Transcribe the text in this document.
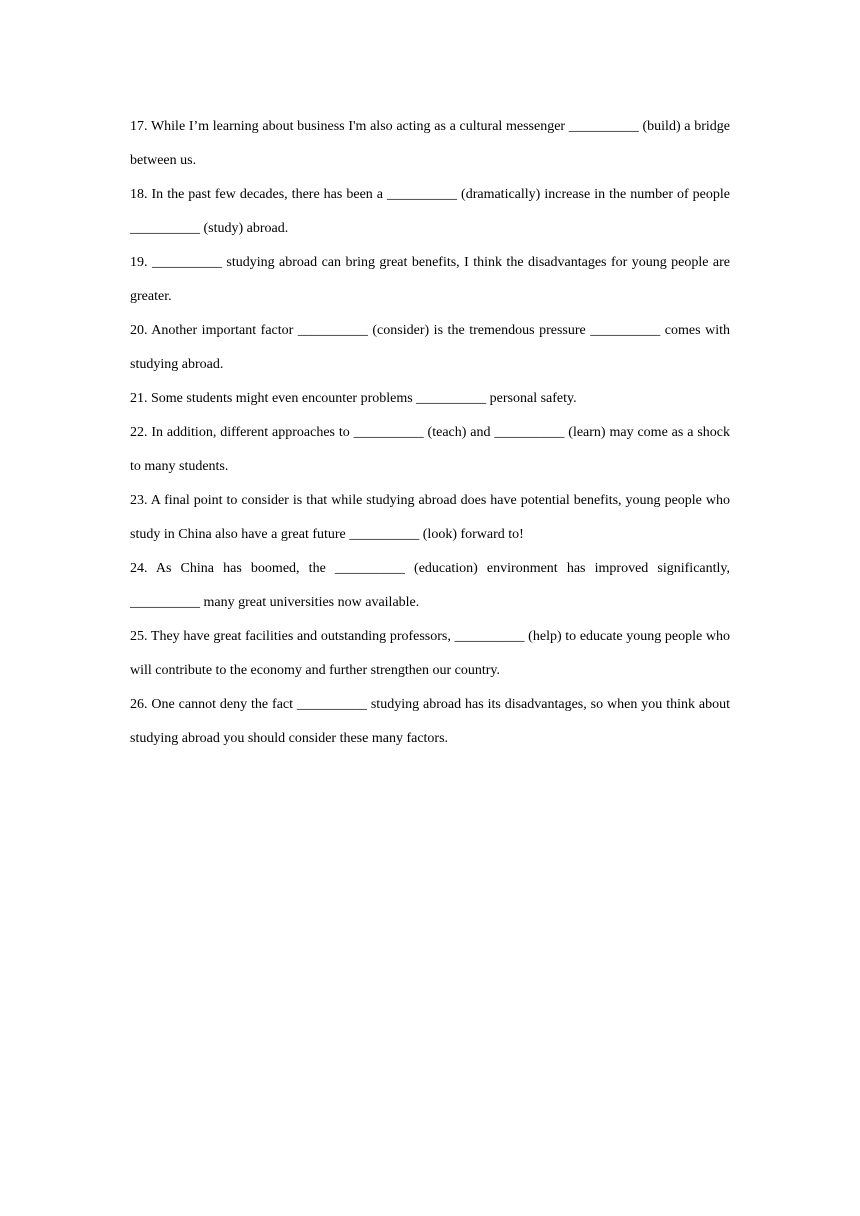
17. While I’m learning about business I'm also acting as a cultural messenger __________ (build) a bridge between us.

18. In the past few decades, there has been a __________ (dramatically) increase in the number of people __________ (study) abroad.

19. __________ studying abroad can bring great benefits, I think the disadvantages for young people are greater.

20. Another important factor __________ (consider) is the tremendous pressure __________ comes with studying abroad.

21. Some students might even encounter problems __________ personal safety.

22. In addition, different approaches to __________ (teach) and __________ (learn) may come as a shock to many students.

23. A final point to consider is that while studying abroad does have potential benefits, young people who study in China also have a great future __________ (look) forward to!

24. As China has boomed, the __________ (education) environment has improved significantly, __________ many great universities now available.

25. They have great facilities and outstanding professors, __________ (help) to educate young people who will contribute to the economy and further strengthen our country.

26. One cannot deny the fact __________ studying abroad has its disadvantages, so when you think about studying abroad you should consider these many factors.
